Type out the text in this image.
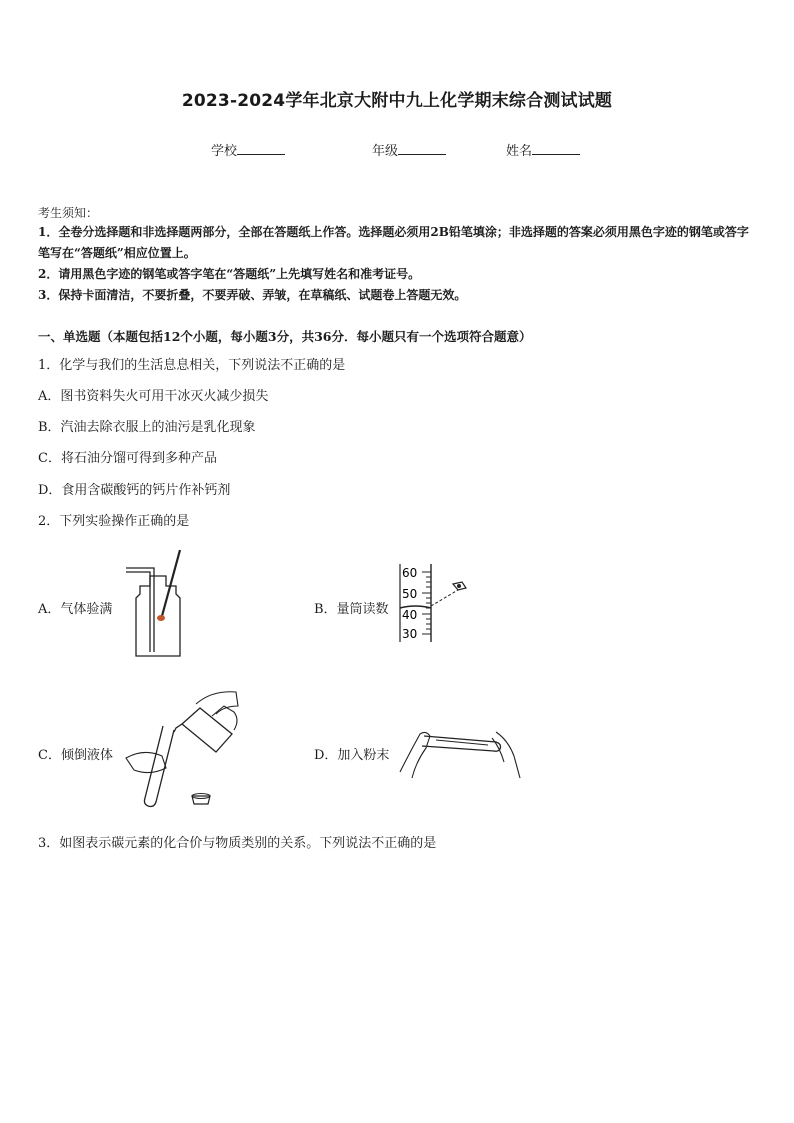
2023-2024学年北京大附中九上化学期末综合测试试题
学校	年级	姓名
考生须知：
1．全卷分选择题和非选择题两部分，全部在答题纸上作答。选择题必须用2B铅笔填涂；非选择题的答案必须用黑色字迹的钢笔或答字笔写在“答题纸”相应位置上。
2．请用黑色字迹的钢笔或答字笔在“答题纸”上先填写姓名和准考证号。
3．保持卡面清洁，不要折叠，不要弄破、弄皱，在草稿纸、试题卷上答题无效。
一、单选题（本题包括12个小题，每小题3分，共36分．每小题只有一个选项符合题意）
1．化学与我们的生活息息相关，下列说法不正确的是
A．图书资料失火可用干冰灭火减少损失
B．汽油去除衣服上的油污是乳化现象
C．将石油分馏可得到多种产品
D．食用含碳酸钙的钙片作补钙剂
2．下列实验操作正确的是
A．气体验满	B．量筒读数
60
50
40
30
C．倾倒液体	D．加入粉末
3．如图表示碳元素的化合价与物质类别的关系。下列说法不正确的是
